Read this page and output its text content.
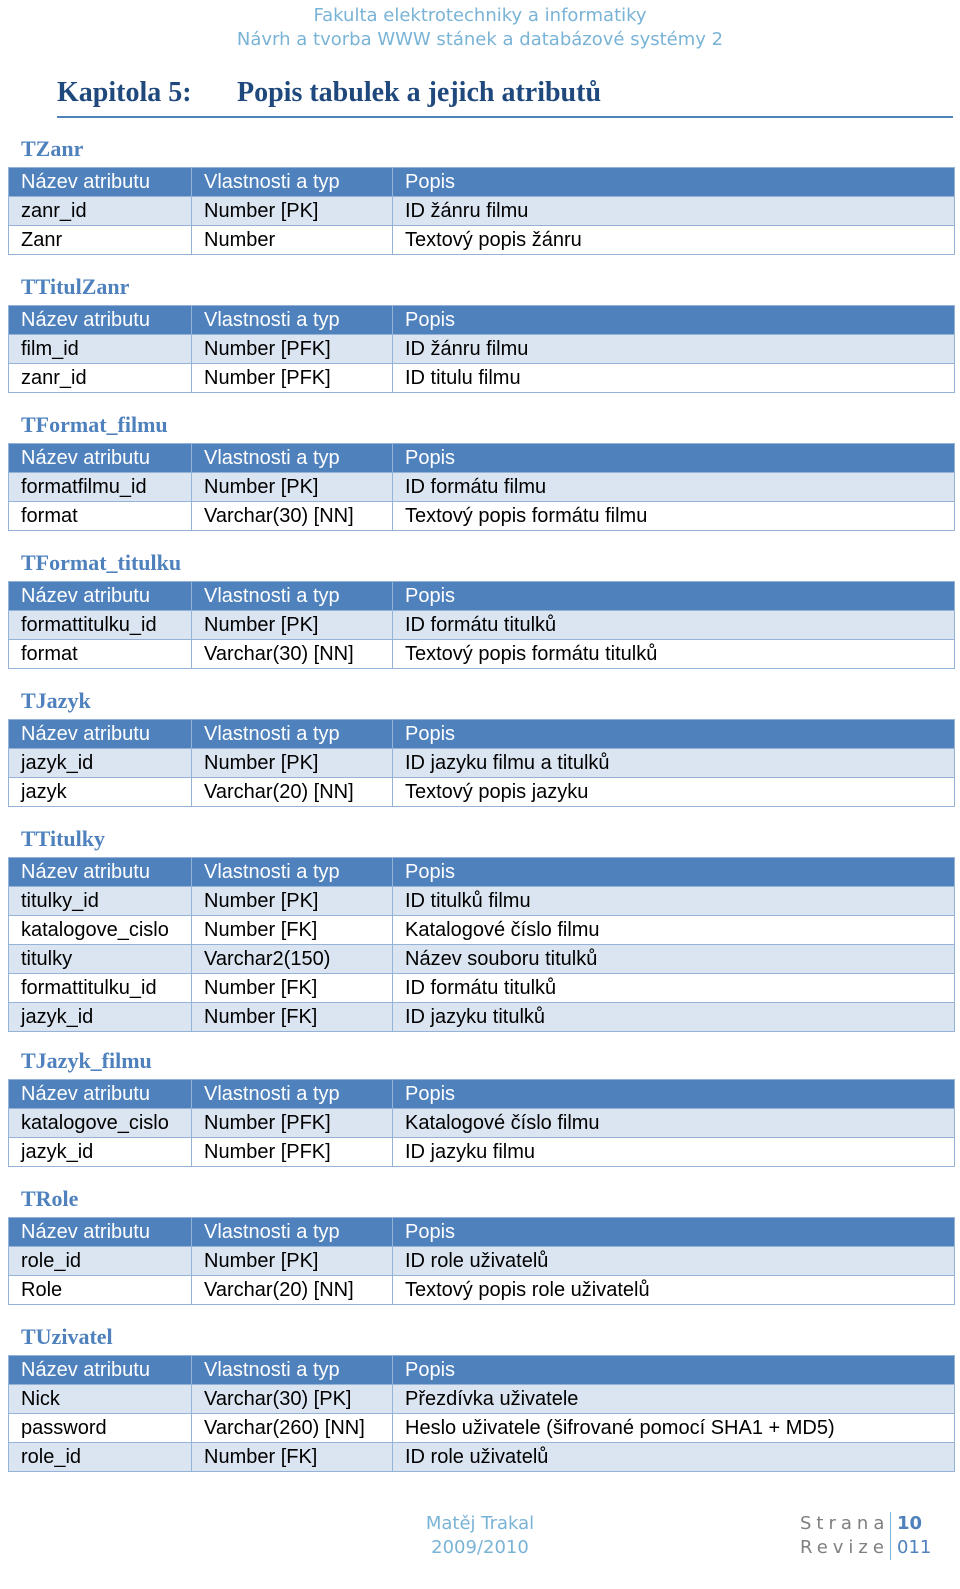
Fakulta elektrotechniky a informatiky
Návrh a tvorba WWW stánek a databázové systémy 2
Kapitola 5: Popis tabulek a jejich atributů
TZanr
Název atributu	Vlastnosti a typ	Popis
zanr_id	Number [PK]	ID žánru filmu
Zanr	Number	Textový popis žánru
TTitulZanr
Název atributu	Vlastnosti a typ	Popis
film_id	Number [PFK]	ID žánru filmu
zanr_id	Number [PFK]	ID titulu filmu
TFormat_filmu
Název atributu	Vlastnosti a typ	Popis
formatfilmu_id	Number [PK]	ID formátu filmu
format	Varchar(30) [NN]	Textový popis formátu filmu
TFormat_titulku
Název atributu	Vlastnosti a typ	Popis
formattitulku_id	Number [PK]	ID formátu titulků
format	Varchar(30) [NN]	Textový popis formátu titulků
TJazyk
Název atributu	Vlastnosti a typ	Popis
jazyk_id	Number [PK]	ID jazyku filmu a titulků
jazyk	Varchar(20) [NN]	Textový popis jazyku
TTitulky
Název atributu	Vlastnosti a typ	Popis
titulky_id	Number [PK]	ID titulků filmu
katalogove_cislo	Number [FK]	Katalogové číslo filmu
titulky	Varchar2(150)	Název souboru titulků
formattitulku_id	Number [FK]	ID formátu titulků
jazyk_id	Number [FK]	ID jazyku titulků
TJazyk_filmu
Název atributu	Vlastnosti a typ	Popis
katalogove_cislo	Number [PFK]	Katalogové číslo filmu
jazyk_id	Number [PFK]	ID jazyku filmu
TRole
Název atributu	Vlastnosti a typ	Popis
role_id	Number [PK]	ID role uživatelů
Role	Varchar(20) [NN]	Textový popis role uživatelů
TUzivatel
Název atributu	Vlastnosti a typ	Popis
Nick	Varchar(30) [PK]	Přezdívka uživatele
password	Varchar(260) [NN]	Heslo uživatele (šifrované pomocí SHA1 + MD5)
role_id	Number [FK]	ID role uživatelů
Matěj Trakal
2009/2010
Strana 10
Revize 011
